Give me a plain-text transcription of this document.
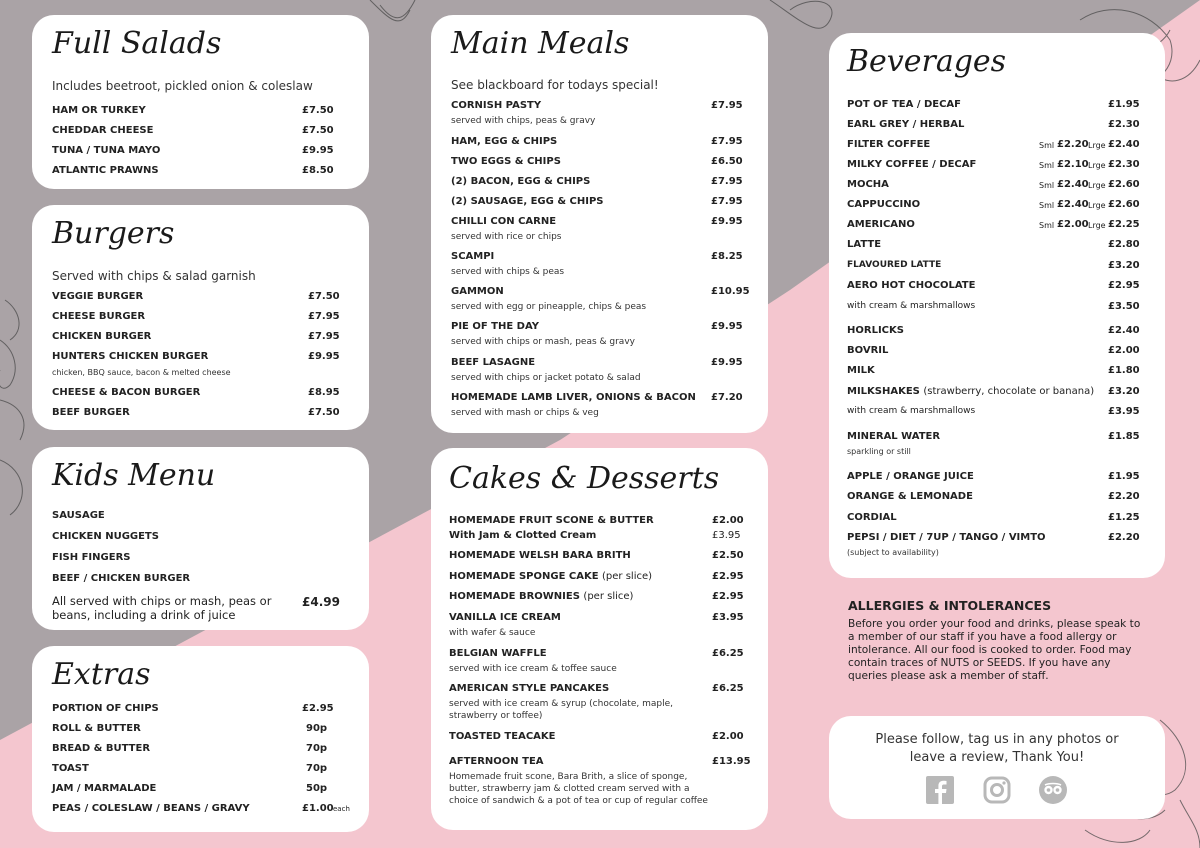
Full Salads
Includes beetroot, pickled onion & coleslaw
HAM OR TURKEY	£7.50
CHEDDAR CHEESE	£7.50
TUNA / TUNA MAYO	£9.95
ATLANTIC PRAWNS	£8.50
Burgers
Served with chips & salad garnish
VEGGIE BURGER	£7.50
CHEESE BURGER	£7.95
CHICKEN BURGER	£7.95
HUNTERS CHICKEN BURGER	£9.95
chicken, BBQ sauce, bacon & melted cheese
CHEESE & BACON BURGER	£8.95
BEEF BURGER	£7.50
Kids Menu
SAUSAGE
CHICKEN NUGGETS
FISH FINGERS
BEEF / CHICKEN BURGER
All served with chips or mash, peas or
beans, including a drink of juice
£4.99
Extras
PORTION OF CHIPS	£2.95
ROLL & BUTTER	90p
BREAD & BUTTER	70p
TOAST	70p
JAM / MARMALADE	50p
PEAS / COLESLAW / BEANS / GRAVY	£1.00 each
Main Meals
See blackboard for todays special!
CORNISH PASTY	£7.95
served with chips, peas & gravy
HAM, EGG & CHIPS	£7.95
TWO EGGS & CHIPS	£6.50
(2) BACON, EGG & CHIPS	£7.95
(2) SAUSAGE, EGG & CHIPS	£7.95
CHILLI CON CARNE	£9.95
served with rice or chips
SCAMPI	£8.25
served with chips & peas
GAMMON	£10.95
served with egg or pineapple, chips & peas
PIE OF THE DAY	£9.95
served with chips or mash, peas & gravy
BEEF LASAGNE	£9.95
served with chips or jacket potato & salad
HOMEMADE LAMB LIVER, ONIONS & BACON £7.20
served with mash or chips & veg
Cakes & Desserts
HOMEMADE FRUIT SCONE & BUTTER	£2.00
With Jam & Clotted Cream	£3.95
HOMEMADE WELSH BARA BRITH	£2.50
HOMEMADE SPONGE CAKE (per slice)	£2.95
HOMEMADE BROWNIES (per slice)	£2.95
VANILLA ICE CREAM	£3.95
with wafer & sauce
BELGIAN WAFFLE	£6.25
served with ice cream & toffee sauce
AMERICAN STYLE PANCAKES	£6.25
served with ice cream & syrup (chocolate, maple,
strawberry or toffee)
TOASTED TEACAKE	£2.00
AFTERNOON TEA	£13.95
Homemade fruit scone, Bara Brith, a slice of sponge,
butter, strawberry jam & clotted cream served with a
choice of sandwich & a pot of tea or cup of regular coffee
Beverages
POT OF TEA / DECAF	£1.95
EARL GREY / HERBAL	£2.30
FILTER COFFEE	Sml £2.20 Lrge £2.40
MILKY COFFEE / DECAF	Sml £2.10 Lrge £2.30
MOCHA	Sml £2.40 Lrge £2.60
CAPPUCCINO	Sml £2.40 Lrge £2.60
AMERICANO	Sml £2.00 Lrge £2.25
LATTE	£2.80
FLAVOURED LATTE	£3.20
AERO HOT CHOCOLATE	£2.95
with cream & marshmallows	£3.50
HORLICKS	£2.40
BOVRIL	£2.00
MILK	£1.80
MILKSHAKES (strawberry, chocolate or banana) £3.20
with cream & marshmallows	£3.95
MINERAL WATER	£1.85
sparkling or still
APPLE / ORANGE JUICE	£1.95
ORANGE & LEMONADE	£2.20
CORDIAL	£1.25
PEPSI / DIET / 7UP / TANGO / VIMTO	£2.20
(subject to availability)
ALLERGIES & INTOLERANCES
Before you order your food and drinks, please speak to
a member of our staff if you have a food allergy or
intolerance. All our food is cooked to order. Food may
contain traces of NUTS or SEEDS. If you have any
queries please ask a member of staff.
Please follow, tag us in any photos or
leave a review, Thank You!
